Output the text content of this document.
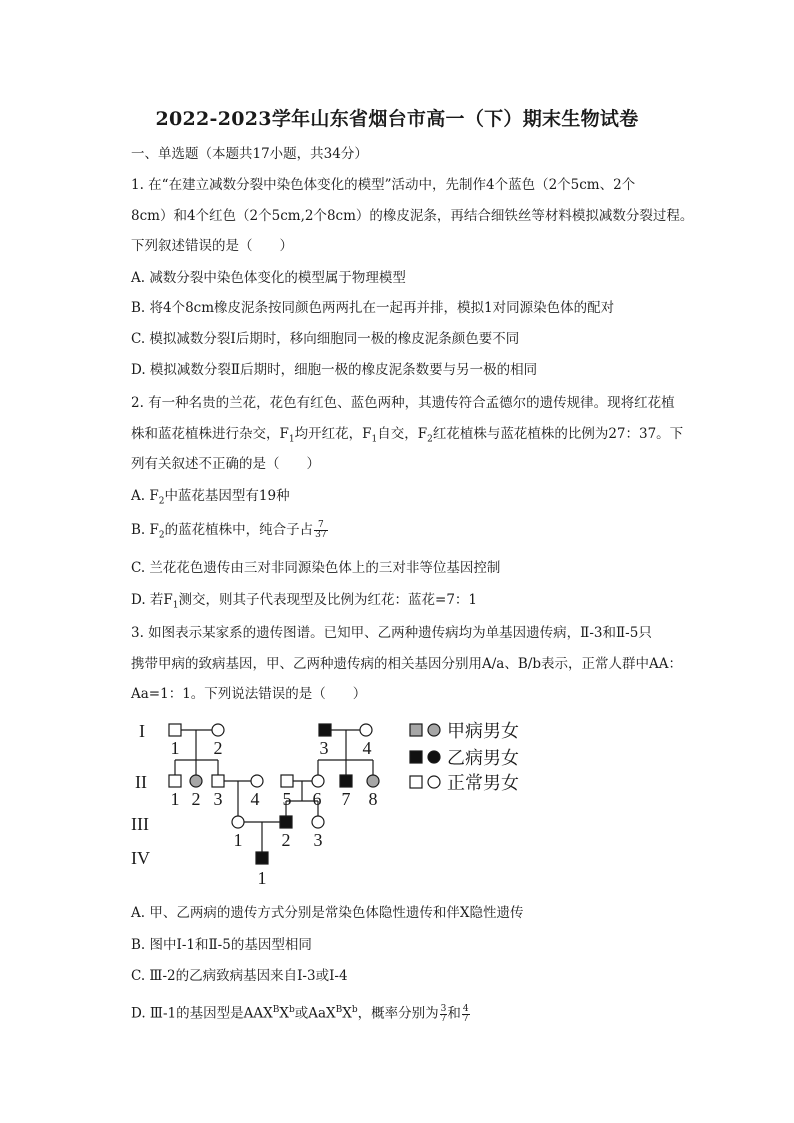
2022-2023学年山东省烟台市高一（下）期末生物试卷
一、单选题（本题共17小题，共34分）
1. 在“在建立减数分裂中染色体变化的模型”活动中，先制作4个蓝色（2个5cm、2个
8cm）和4个红色（2个5cm,2个8cm）的橡皮泥条，再结合细铁丝等材料模拟减数分裂过程。
下列叙述错误的是（　　）
A. 减数分裂中染色体变化的模型属于物理模型
B. 将4个8cm橡皮泥条按同颜色两两扎在一起再并排，模拟1对同源染色体的配对
C. 模拟减数分裂Ⅰ后期时，移向细胞同一极的橡皮泥条颜色要不同
D. 模拟减数分裂Ⅱ后期时，细胞一极的橡皮泥条数要与另一极的相同
2. 有一种名贵的兰花，花色有红色、蓝色两种，其遗传符合孟德尔的遗传规律。现将红花植
株和蓝花植株进行杂交，$F_1$均开红花，$F_1$自交，$F_2$红花植株与蓝花植株的比例为27：37。下
列有关叙述不正确的是（　　）
A. $F_2$中蓝花基因型有19种
B. $F_2$的蓝花植株中，纯合子占 $\frac{7}{37}$
C. 兰花花色遗传由三对非同源染色体上的三对非等位基因控制
D. 若$F_1$测交，则其子代表现型及比例为红花：蓝花=7：1
3. 如图表示某家系的遗传图谱。已知甲、乙两种遗传病均为单基因遗传病，Ⅱ-3和Ⅱ-5只
携带甲病的致病基因，甲、乙两种遗传病的相关基因分别用A/a、B/b表示，正常人群中AA：
Aa=1：1。下列说法错误的是（　　）
I
II
III
IV
1 2	3 4
1 2 3 4 5 6 7 8
1 2 3
1
甲病男女
乙病男女
正常男女
A. 甲、乙两病的遗传方式分别是常染色体隐性遗传和伴X隐性遗传
B. 图中Ⅰ-1和Ⅱ-5的基因型相同
C. Ⅲ-2的乙病致病基因来自Ⅰ-3或Ⅰ-4
D. Ⅲ-1的基因型是$AAX^BX^b$或$AaX^BX^b$，概率分别为 $\frac{3}{7}$ 和 $\frac{4}{7}$
